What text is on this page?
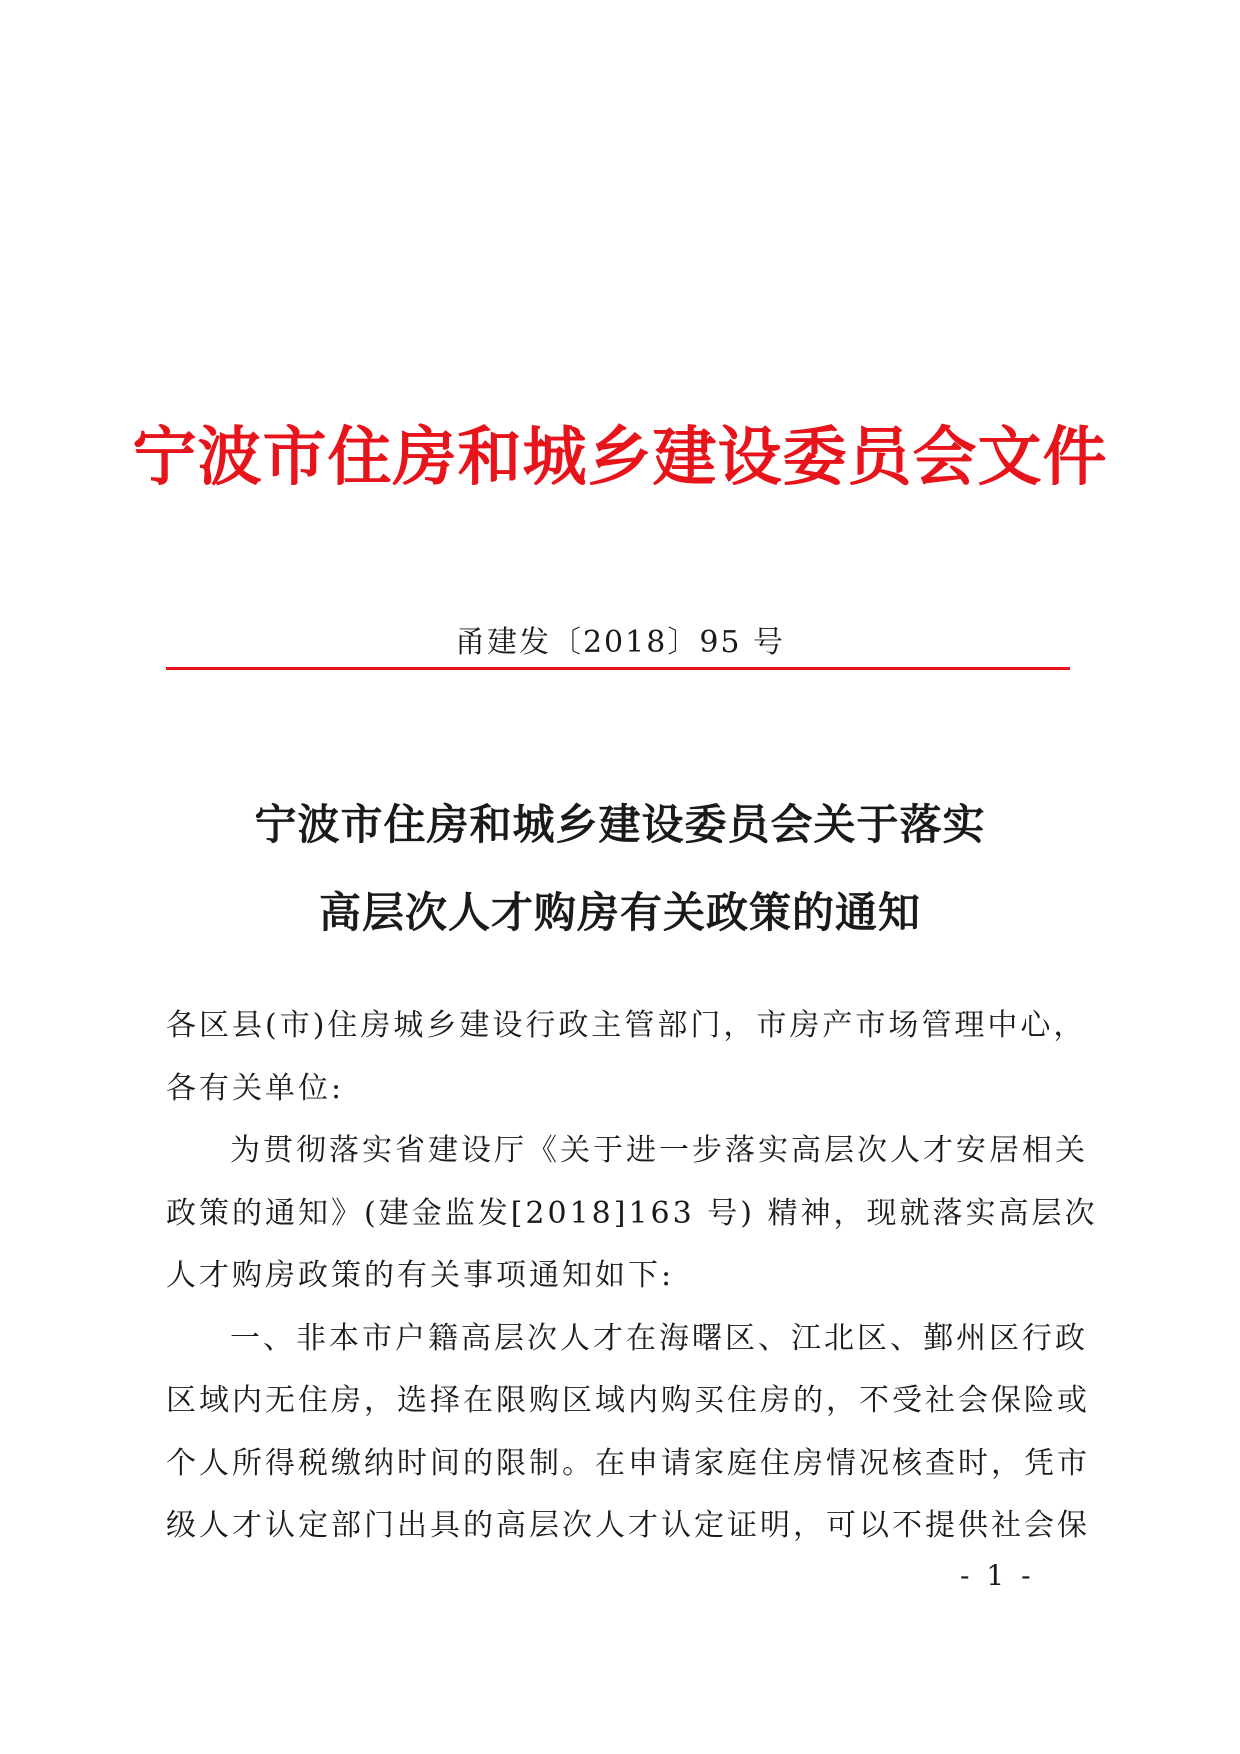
宁波市住房和城乡建设委员会文件
甬建发〔2018〕95 号
宁波市住房和城乡建设委员会关于落实
高层次人才购房有关政策的通知
各区县(市)住房城乡建设行政主管部门，市房产市场管理中心，
各有关单位:
为贯彻落实省建设厅《关于进一步落实高层次人才安居相关
政策的通知》(建金监发[2018]163 号) 精神，现就落实高层次
人才购房政策的有关事项通知如下:
一、非本市户籍高层次人才在海曙区、江北区、鄞州区行政
区域内无住房，选择在限购区域内购买住房的，不受社会保险或
个人所得税缴纳时间的限制。在申请家庭住房情况核查时，凭市
级人才认定部门出具的高层次人才认定证明，可以不提供社会保
- 1 -
